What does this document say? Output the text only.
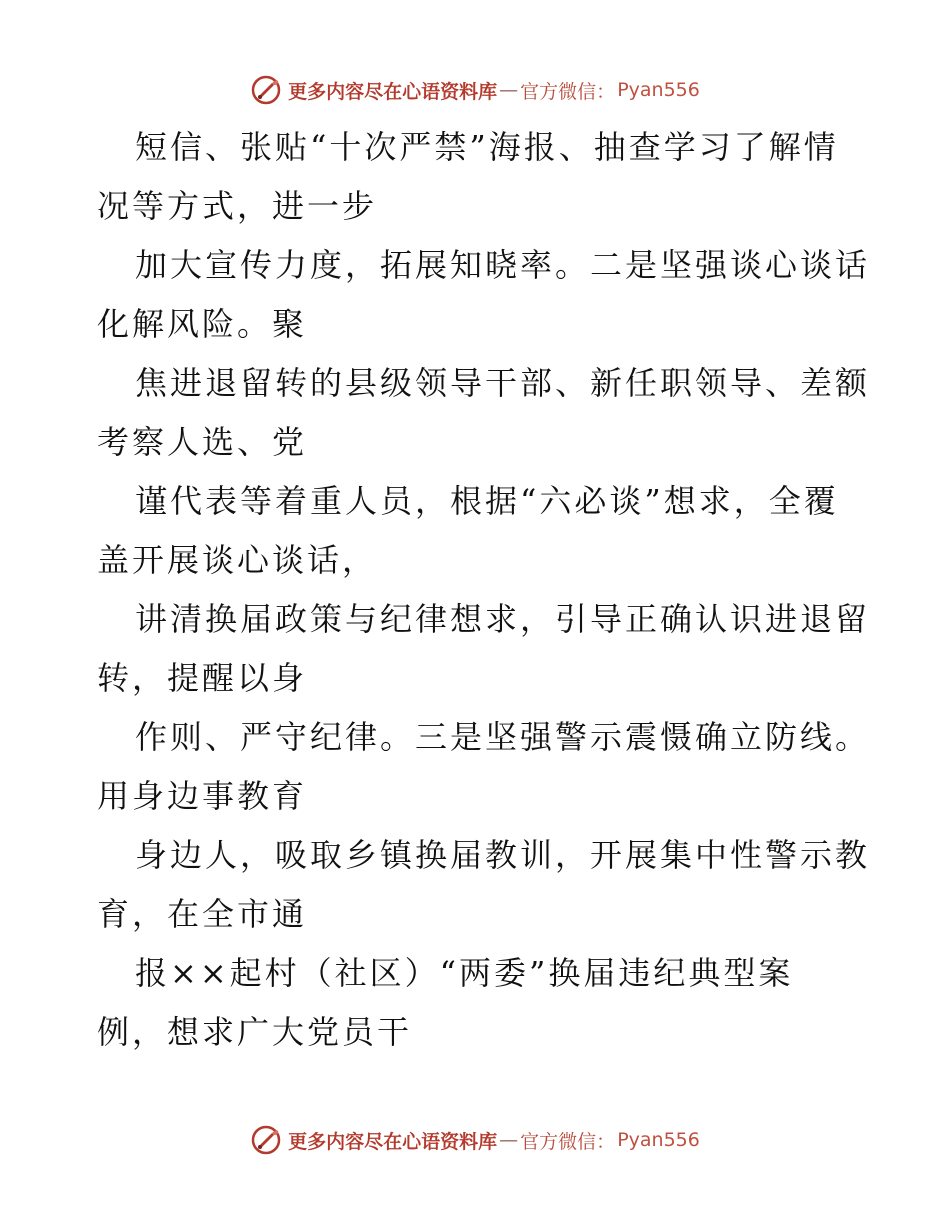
更多内容尽在心语资料库 — 官方微信： Pyan556
短信、张贴“十次严禁”海报、抽查学习了解情
况等方式，进一步
加大宣传力度，拓展知晓率。二是坚强谈心谈话
化解风险。聚
焦进退留转的县级领导干部、新任职领导、差额
考察人选、党
谨代表等着重人员，根据“六必谈”想求，全覆
盖开展谈心谈话，
讲清换届政策与纪律想求，引导正确认识进退留
转，提醒以身
作则、严守纪律。三是坚强警示震慑确立防线。
用身边事教育
身边人，吸取乡镇换届教训，开展集中性警示教
育，在全市通
报××起村（社区）“两委”换届违纪典型案
例，想求广大党员干
更多内容尽在心语资料库 — 官方微信： Pyan556
